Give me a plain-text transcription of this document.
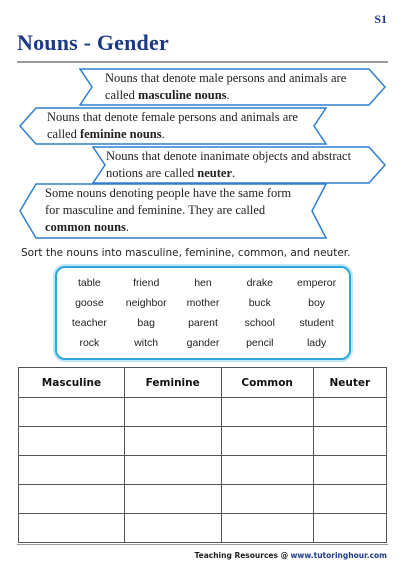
S1
Nouns - Gender
Nouns that denote male persons and animals are called masculine nouns.
Nouns that denote female persons and animals are called feminine nouns.
Nouns that denote inanimate objects and abstract notions are called neuter.
Some nouns denoting people have the same form for masculine and feminine. They are called common nouns.
Sort the nouns into masculine, feminine, common, and neuter.
table	friend	hen	drake	emperor
goose	neighbor	mother	buck	boy
teacher	bag	parent	school	student
rock	witch	gander	pencil	lady
Masculine	Feminine	Common	Neuter

Teaching Resources @ www.tutoringhour.com
